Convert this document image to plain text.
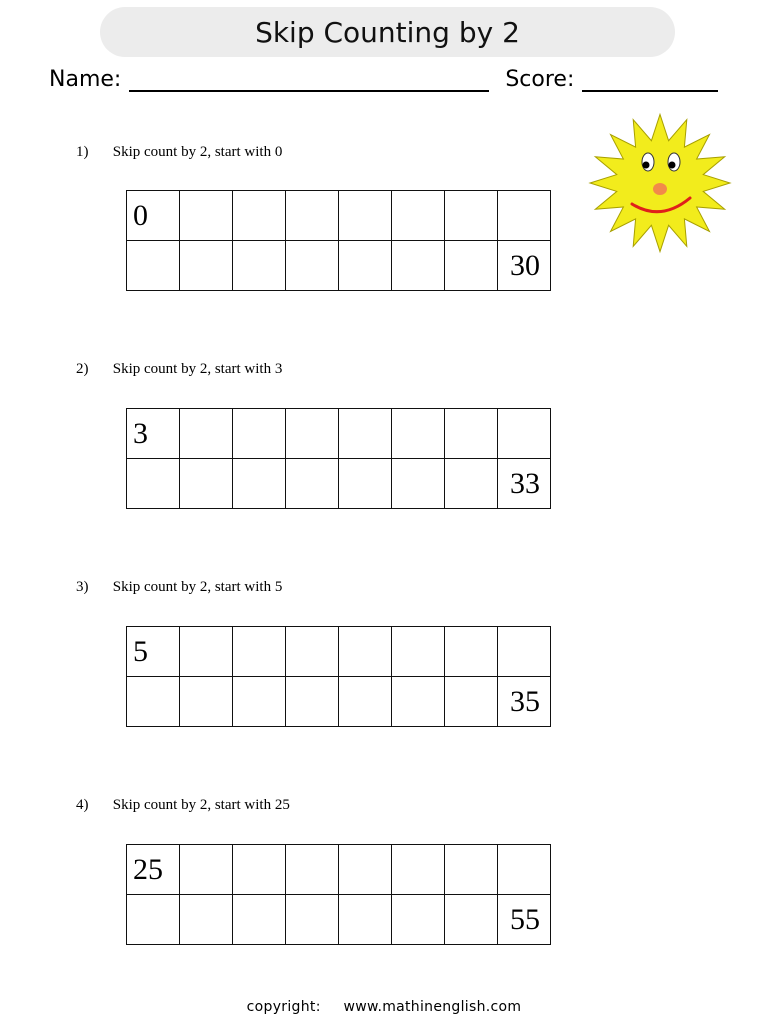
Skip Counting by 2
Name:	Score:
1) Skip count by 2, start with 0
0							
							30
2) Skip count by 2, start with 3
3							
							33
3) Skip count by 2, start with 5
5							
							35
4) Skip count by 2, start with 25
25							
							55
copyright: www.mathinenglish.com
